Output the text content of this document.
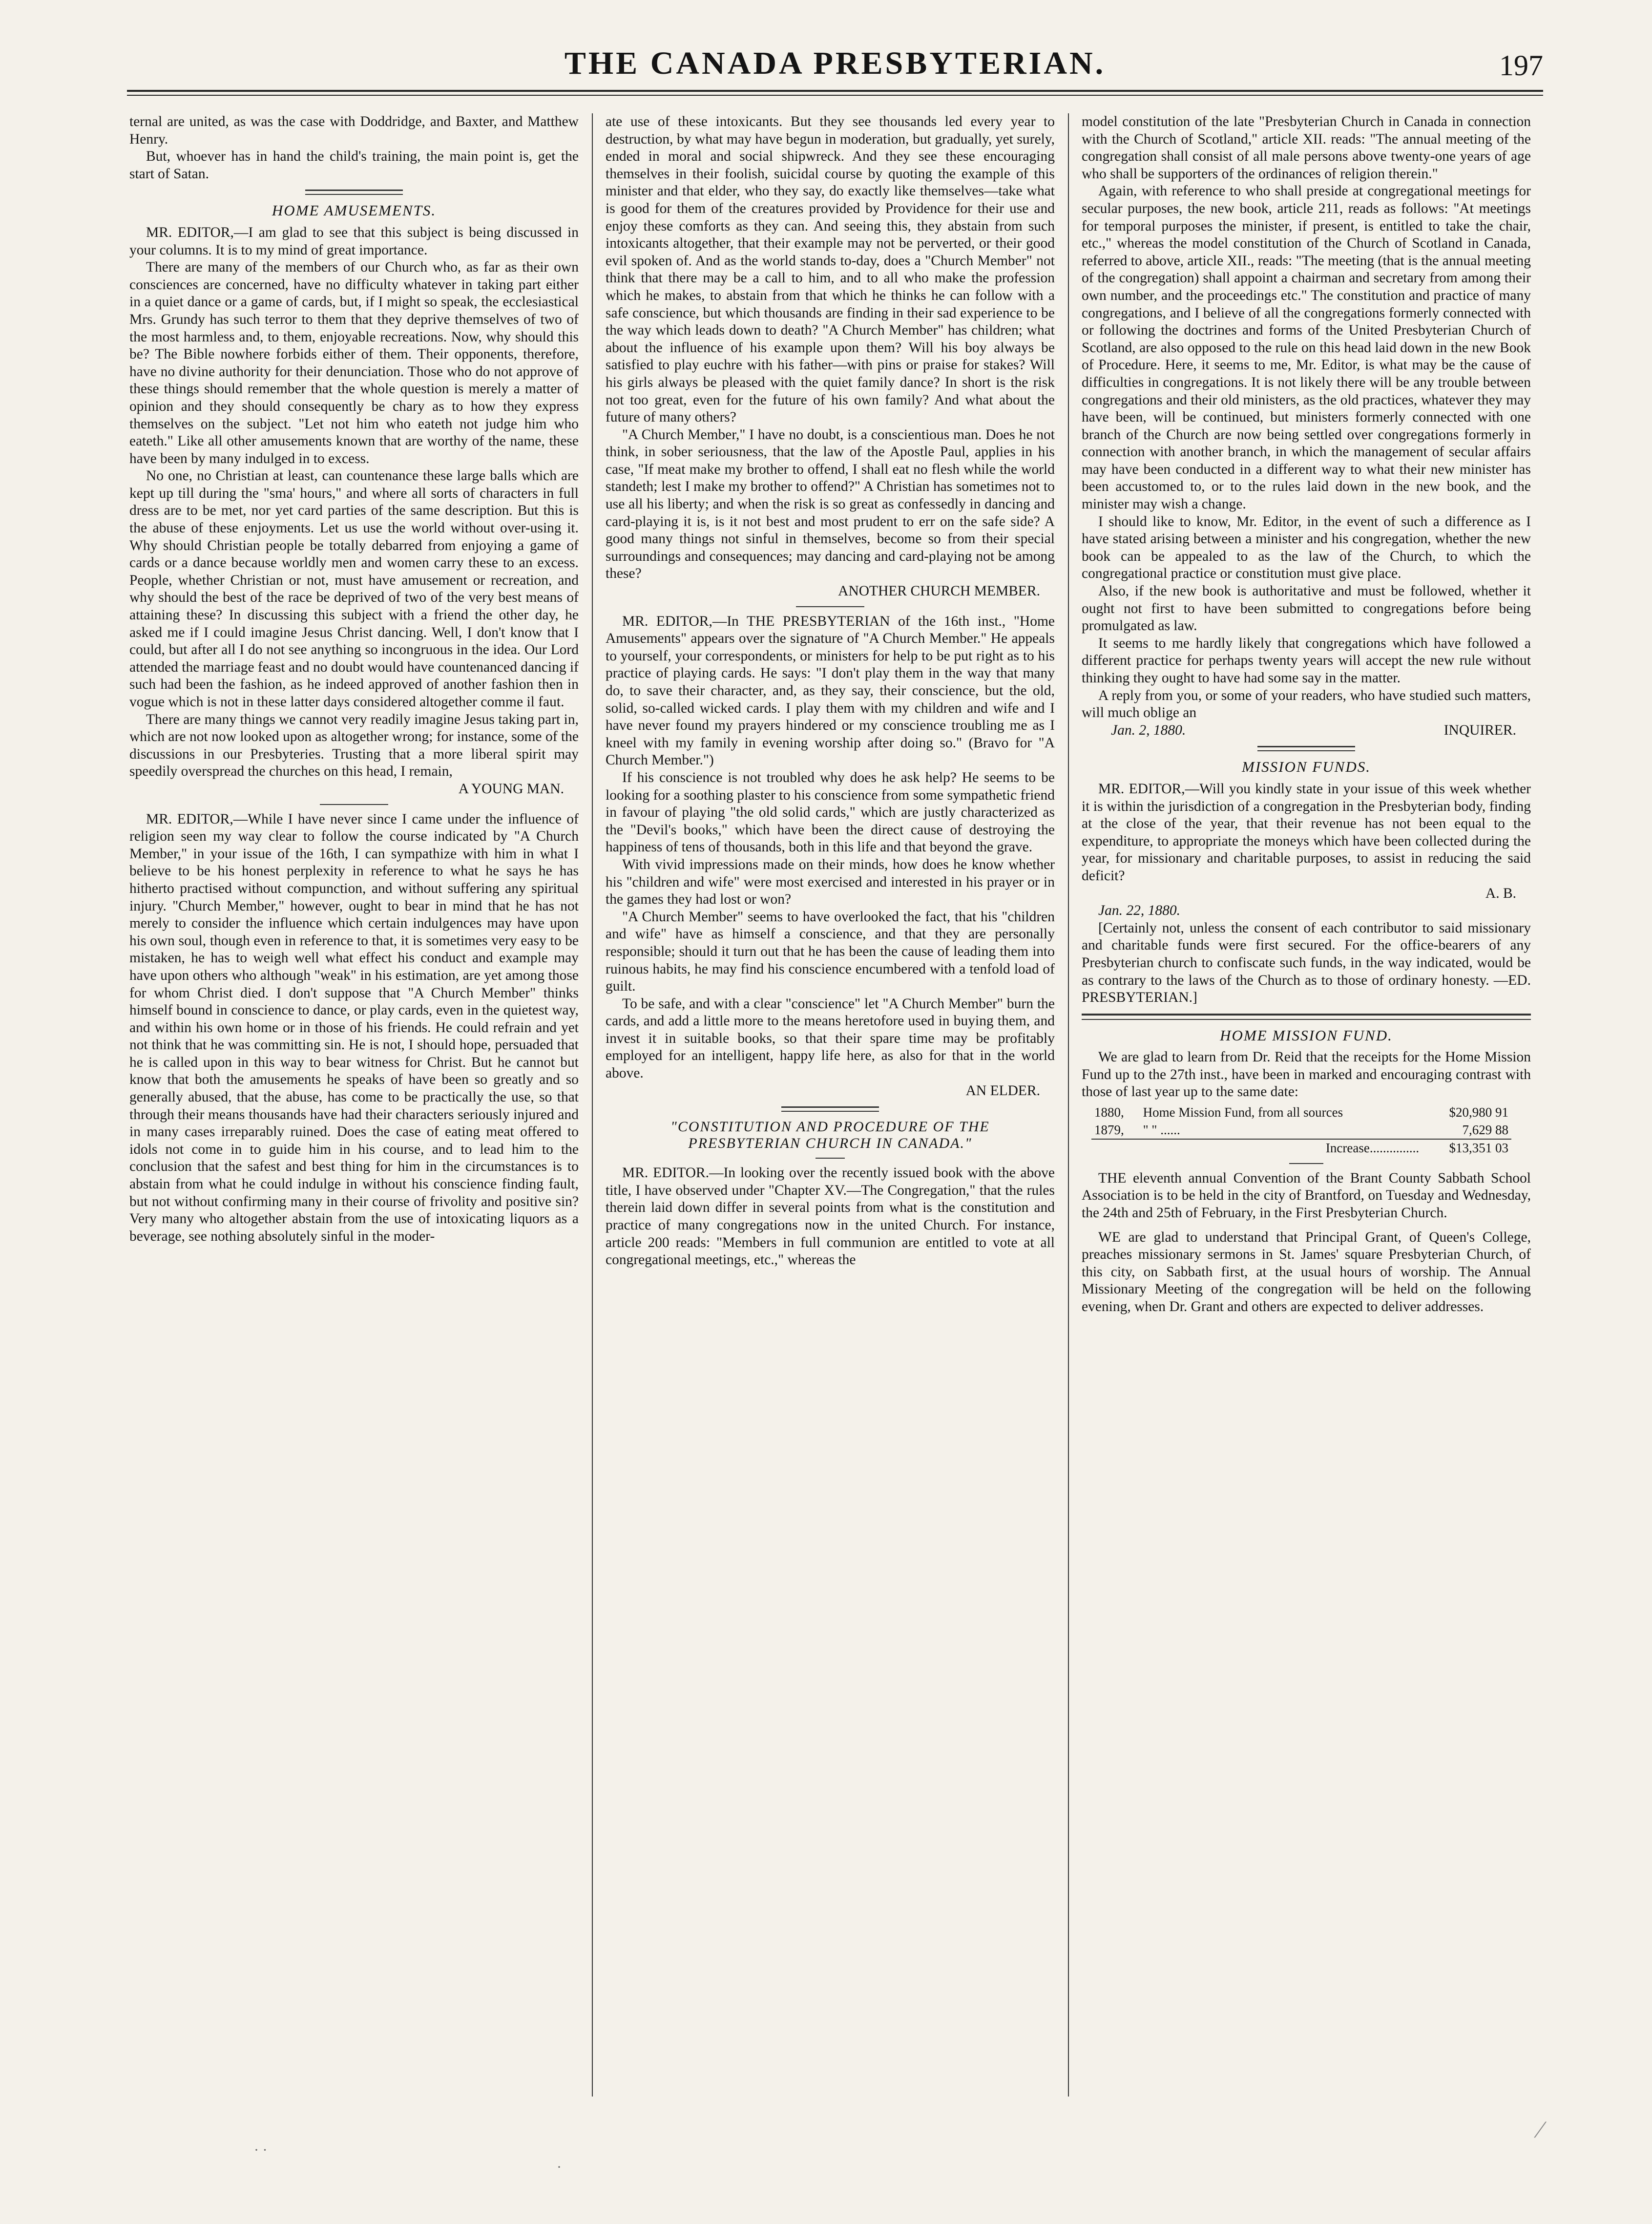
THE CANADA PRESBYTERIAN.	197

ternal are united, as was the case with Doddridge, and Baxter, and Matthew Henry.

But, whoever has in hand the child's training, the main point is, get the start of Satan.

HOME AMUSEMENTS.

MR. EDITOR,—I am glad to see that this subject is being discussed in your columns. It is to my mind of great importance.

There are many of the members of our Church who, as far as their own consciences are concerned, have no difficulty whatever in taking part either in a quiet dance or a game of cards, but, if I might so speak, the ecclesiastical Mrs. Grundy has such terror to them that they deprive themselves of two of the most harmless and, to them, enjoyable recreations. Now, why should this be? The Bible nowhere forbids either of them. Their opponents, therefore, have no divine authority for their denunciation. Those who do not approve of these things should remember that the whole question is merely a matter of opinion and they should consequently be chary as to how they express themselves on the subject. "Let not him who eateth not judge him who eateth." Like all other amusements known that are worthy of the name, these have been by many indulged in to excess.

No one, no Christian at least, can countenance these large balls which are kept up till during the "sma' hours," and where all sorts of characters in full dress are to be met, nor yet card parties of the same description. But this is the abuse of these enjoyments. Let us use the world without over-using it. Why should Christian people be totally debarred from enjoying a game of cards or a dance because worldly men and women carry these to an excess. People, whether Christian or not, must have amusement or recreation, and why should the best of the race be deprived of two of the very best means of attaining these? In discussing this subject with a friend the other day, he asked me if I could imagine Jesus Christ dancing. Well, I don't know that I could, but after all I do not see anything so incongruous in the idea. Our Lord attended the marriage feast and no doubt would have countenanced dancing if such had been the fashion, as he indeed approved of another fashion then in vogue which is not in these latter days considered altogether comme il faut.

There are many things we cannot very readily imagine Jesus taking part in, which are not now looked upon as altogether wrong; for instance, some of the discussions in our Presbyteries. Trusting that a more liberal spirit may speedily overspread the churches on this head, I remain,

A YOUNG MAN.

MR. EDITOR,—While I have never since I came under the influence of religion seen my way clear to follow the course indicated by "A Church Member," in your issue of the 16th, I can sympathize with him in what I believe to be his honest perplexity in reference to what he says he has hitherto practised without compunction, and without suffering any spiritual injury. "Church Member," however, ought to bear in mind that he has not merely to consider the influence which certain indulgences may have upon his own soul, though even in reference to that, it is sometimes very easy to be mistaken, he has to weigh well what effect his conduct and example may have upon others who although "weak" in his estimation, are yet among those for whom Christ died. I don't suppose that "A Church Member" thinks himself bound in conscience to dance, or play cards, even in the quietest way, and within his own home or in those of his friends. He could refrain and yet not think that he was committing sin. He is not, I should hope, persuaded that he is called upon in this way to bear witness for Christ. But he cannot but know that both the amusements he speaks of have been so greatly and so generally abused, that the abuse, has come to be practically the use, so that through their means thousands have had their characters seriously injured and in many cases irreparably ruined. Does the case of eating meat offered to idols not come in to guide him in his course, and to lead him to the conclusion that the safest and best thing for him in the circumstances is to abstain from what he could indulge in without his conscience finding fault, but not without confirming many in their course of frivolity and positive sin? Very many who altogether abstain from the use of intoxicating liquors as a beverage, see nothing absolutely sinful in the moder-

ate use of these intoxicants. But they see thousands led every year to destruction, by what may have begun in moderation, but gradually, yet surely, ended in moral and social shipwreck. And they see these encouraging themselves in their foolish, suicidal course by quoting the example of this minister and that elder, who they say, do exactly like themselves—take what is good for them of the creatures provided by Providence for their use and enjoy these comforts as they can. And seeing this, they abstain from such intoxicants altogether, that their example may not be perverted, or their good evil spoken of. And as the world stands to-day, does a "Church Member" not think that there may be a call to him, and to all who make the profession which he makes, to abstain from that which he thinks he can follow with a safe conscience, but which thousands are finding in their sad experience to be the way which leads down to death? "A Church Member" has children; what about the influence of his example upon them? Will his boy always be satisfied to play euchre with his father—with pins or praise for stakes? Will his girls always be pleased with the quiet family dance? In short is the risk not too great, even for the future of his own family? And what about the future of many others?

"A Church Member," I have no doubt, is a conscientious man. Does he not think, in sober seriousness, that the law of the Apostle Paul, applies in his case, "If meat make my brother to offend, I shall eat no flesh while the world standeth; lest I make my brother to offend?" A Christian has sometimes not to use all his liberty; and when the risk is so great as confessedly in dancing and card-playing it is, is it not best and most prudent to err on the safe side? A good many things not sinful in themselves, become so from their special surroundings and consequences; may dancing and card-playing not be among these?

ANOTHER CHURCH MEMBER.

MR. EDITOR,—In THE PRESBYTERIAN of the 16th inst., "Home Amusements" appears over the signature of "A Church Member." He appeals to yourself, your correspondents, or ministers for help to be put right as to his practice of playing cards. He says: "I don't play them in the way that many do, to save their character, and, as they say, their conscience, but the old, solid, so-called wicked cards. I play them with my children and wife and I have never found my prayers hindered or my conscience troubling me as I kneel with my family in evening worship after doing so." (Bravo for "A Church Member.")

If his conscience is not troubled why does he ask help? He seems to be looking for a soothing plaster to his conscience from some sympathetic friend in favour of playing "the old solid cards," which are justly characterized as the "Devil's books," which have been the direct cause of destroying the happiness of tens of thousands, both in this life and that beyond the grave.

With vivid impressions made on their minds, how does he know whether his "children and wife" were most exercised and interested in his prayer or in the games they had lost or won?

"A Church Member" seems to have overlooked the fact, that his "children and wife" have as himself a conscience, and that they are personally responsible; should it turn out that he has been the cause of leading them into ruinous habits, he may find his conscience encumbered with a tenfold load of guilt.

To be safe, and with a clear "conscience" let "A Church Member" burn the cards, and add a little more to the means heretofore used in buying them, and invest it in suitable books, so that their spare time may be profitably employed for an intelligent, happy life here, as also for that in the world above.

AN ELDER.
"CONSTITUTION AND PROCEDURE OF THE PRESBYTERIAN CHURCH IN CANADA."

MR. EDITOR.—In looking over the recently issued book with the above title, I have observed under "Chapter XV.—The Congregation," that the rules therein laid down differ in several points from what is the constitution and practice of many congregations now in the united Church. For instance, article 200 reads: "Members in full communion are entitled to vote at all congregational meetings, etc.," whereas the

model constitution of the late "Presbyterian Church in Canada in connection with the Church of Scotland," article XII. reads: "The annual meeting of the congregation shall consist of all male persons above twenty-one years of age who shall be supporters of the ordinances of religion therein."

Again, with reference to who shall preside at congregational meetings for secular purposes, the new book, article 211, reads as follows: "At meetings for temporal purposes the minister, if present, is entitled to take the chair, etc.," whereas the model constitution of the Church of Scotland in Canada, referred to above, article XII., reads: "The meeting (that is the annual meeting of the congregation) shall appoint a chairman and secretary from among their own number, and the proceedings etc." The constitution and practice of many congregations, and I believe of all the congregations formerly connected with or following the doctrines and forms of the United Presbyterian Church of Scotland, are also opposed to the rule on this head laid down in the new Book of Procedure. Here, it seems to me, Mr. Editor, is what may be the cause of difficulties in congregations. It is not likely there will be any trouble between congregations and their old ministers, as the old practices, whatever they may have been, will be continued, but ministers formerly connected with one branch of the Church are now being settled over congregations formerly in connection with another branch, in which the management of secular affairs may have been conducted in a different way to what their new minister has been accustomed to, or to the rules laid down in the new book, and the minister may wish a change.

I should like to know, Mr. Editor, in the event of such a difference as I have stated arising between a minister and his congregation, whether the new book can be appealed to as the law of the Church, to which the congregational practice or constitution must give place.

Also, if the new book is authoritative and must be followed, whether it ought not first to have been submitted to congregations before being promulgated as law.

It seems to me hardly likely that congregations which have followed a different practice for perhaps twenty years will accept the new rule without thinking they ought to have had some say in the matter.

A reply from you, or some of your readers, who have studied such matters, will much oblige an

Jan. 2, 1880.	INQUIRER.
MISSION FUNDS.

MR. EDITOR,—Will you kindly state in your issue of this week whether it is within the jurisdiction of a congregation in the Presbyterian body, finding at the close of the year, that their revenue has not been equal to the expenditure, to appropriate the moneys which have been collected during the year, for missionary and charitable purposes, to assist in reducing the said deficit?

A. B.

Jan. 22, 1880.

[Certainly not, unless the consent of each contributor to said missionary and charitable funds were first secured. For the office-bearers of any Presbyterian church to confiscate such funds, in the way indicated, would be as contrary to the laws of the Church as to those of ordinary honesty. —ED. PRESBYTERIAN.]

HOME MISSION FUND.

We are glad to learn from Dr. Reid that the receipts for the Home Mission Fund up to the 27th inst., have been in marked and encouraging contrast with those of last year up to the same date:

1880,	Home Mission Fund, from all sources	$20,980 91
1879,	" " ......	7,629 88
	Increase...............	$13,351 03

THE eleventh annual Convention of the Brant County Sabbath School Association is to be held in the city of Brantford, on Tuesday and Wednesday, the 24th and 25th of February, in the First Presbyterian Church.

WE are glad to understand that Principal Grant, of Queen's College, preaches missionary sermons in St. James' square Presbyterian Church, of this city, on Sabbath first, at the usual hours of worship. The Annual Missionary Meeting of the congregation will be held on the following evening, when Dr. Grant and others are expected to deliver addresses.

· ·
·
⁄
